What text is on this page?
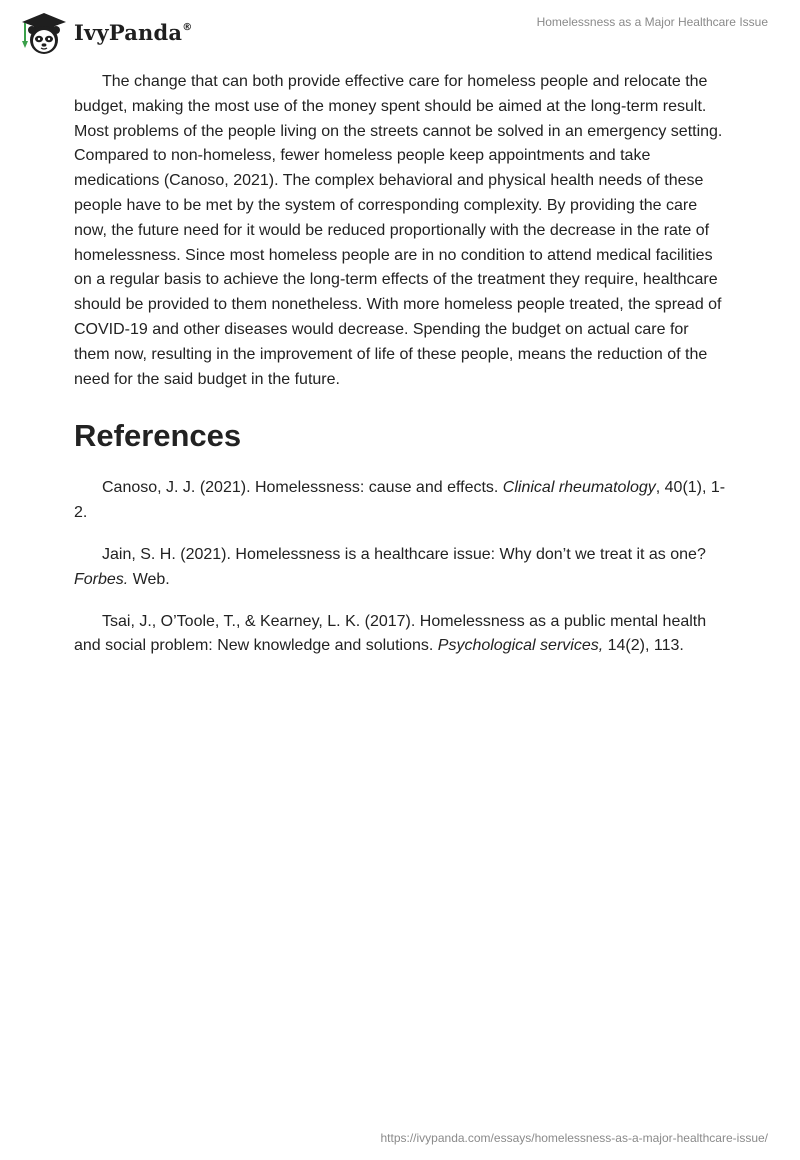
IvyPanda®	Homelessness as a Major Healthcare Issue

The change that can both provide effective care for homeless people and relocate the budget, making the most use of the money spent should be aimed at the long-term result. Most problems of the people living on the streets cannot be solved in an emergency setting. Compared to non-homeless, fewer homeless people keep appointments and take medications (Canoso, 2021). The complex behavioral and physical health needs of these people have to be met by the system of corresponding complexity. By providing the care now, the future need for it would be reduced proportionally with the decrease in the rate of homelessness. Since most homeless people are in no condition to attend medical facilities on a regular basis to achieve the long-term effects of the treatment they require, healthcare should be provided to them nonetheless. With more homeless people treated, the spread of COVID-19 and other diseases would decrease. Spending the budget on actual care for them now, resulting in the improvement of life of these people, means the reduction of the need for the said budget in the future.

References

Canoso, J. J. (2021). Homelessness: cause and effects. Clinical rheumatology, 40(1), 1-2.

Jain, S. H. (2021). Homelessness is a healthcare issue: Why don’t we treat it as one? Forbes. Web.

Tsai, J., O’Toole, T., & Kearney, L. K. (2017). Homelessness as a public mental health and social problem: New knowledge and solutions. Psychological services, 14(2), 113.

https://ivypanda.com/essays/homelessness-as-a-major-healthcare-issue/
